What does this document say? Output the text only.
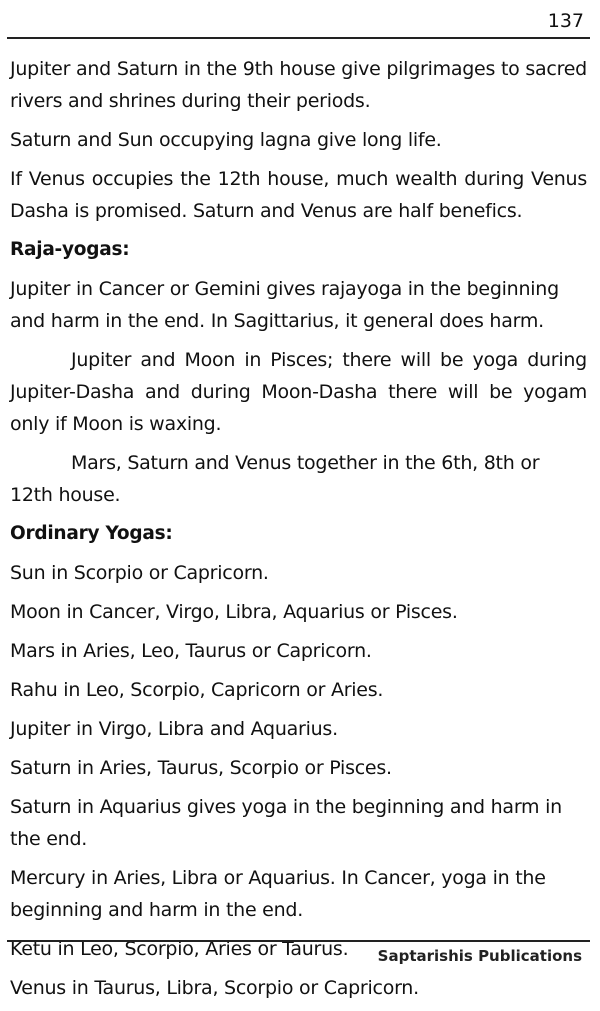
137

Jupiter and Saturn in the 9th house give pilgrimages to sacred rivers and shrines during their periods.

Saturn and Sun occupying lagna give long life.

If Venus occupies the 12th house, much wealth during Venus Dasha is promised. Saturn and Venus are half benefics.

Raja-yogas:

Jupiter in Cancer or Gemini gives rajayoga in the beginning and harm in the end. In Sagittarius, it general does harm.

Jupiter and Moon in Pisces; there will be yoga during Jupiter-Dasha and during Moon-Dasha there will be yogam only if Moon is waxing.

Mars, Saturn and Venus together in the 6th, 8th or 12th house.

Ordinary Yogas:

Sun in Scorpio or Capricorn.

Moon in Cancer, Virgo, Libra, Aquarius or Pisces.

Mars in Aries, Leo, Taurus or Capricorn.

Rahu in Leo, Scorpio, Capricorn or Aries.

Jupiter in Virgo, Libra and Aquarius.

Saturn in Aries, Taurus, Scorpio or Pisces.

Saturn in Aquarius gives yoga in the beginning and harm in the end.

Mercury in Aries, Libra or Aquarius. In Cancer, yoga in the beginning and harm in the end.

Ketu in Leo, Scorpio, Aries or Taurus.

Venus in Taurus, Libra, Scorpio or Capricorn.

Saptarishis Publications
